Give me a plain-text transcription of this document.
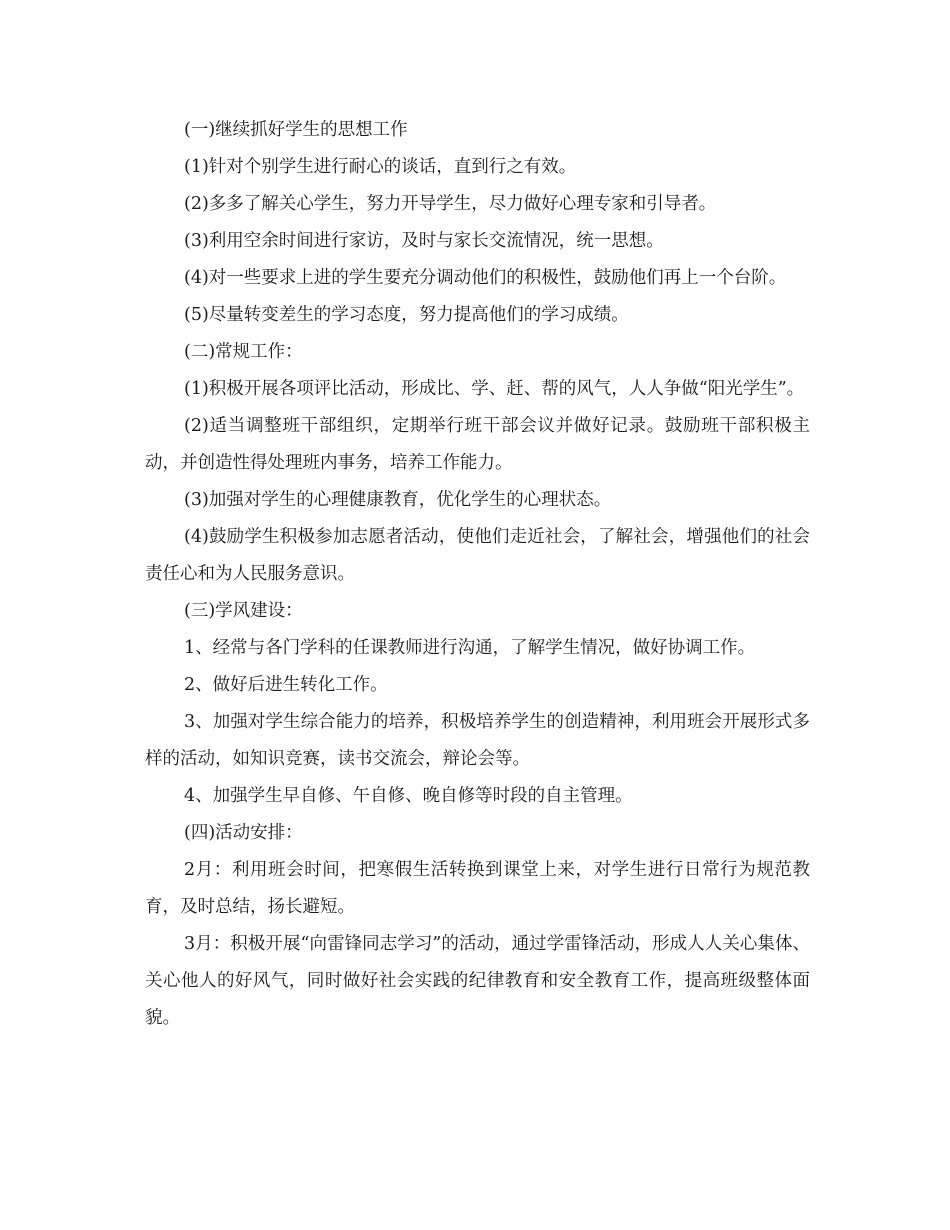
(一)继续抓好学生的思想工作

(1)针对个别学生进行耐心的谈话，直到行之有效。

(2)多多了解关心学生，努力开导学生，尽力做好心理专家和引导者。

(3)利用空余时间进行家访，及时与家长交流情况，统一思想。

(4)对一些要求上进的学生要充分调动他们的积极性，鼓励他们再上一个台阶。

(5)尽量转变差生的学习态度，努力提高他们的学习成绩。

(二)常规工作：

(1)积极开展各项评比活动，形成比、学、赶、帮的风气，人人争做“阳光学生”。

(2)适当调整班干部组织，定期举行班干部会议并做好记录。鼓励班干部积极主动，并创造性得处理班内事务，培养工作能力。

(3)加强对学生的心理健康教育，优化学生的心理状态。

(4)鼓励学生积极参加志愿者活动，使他们走近社会，了解社会，增强他们的社会责任心和为人民服务意识。

(三)学风建设：

1、经常与各门学科的任课教师进行沟通，了解学生情况，做好协调工作。

2、做好后进生转化工作。

3、加强对学生综合能力的培养，积极培养学生的创造精神，利用班会开展形式多样的活动，如知识竞赛，读书交流会，辩论会等。

4、加强学生早自修、午自修、晚自修等时段的自主管理。

(四)活动安排：

2月：利用班会时间，把寒假生活转换到课堂上来，对学生进行日常行为规范教育，及时总结，扬长避短。

3月：积极开展“向雷锋同志学习”的活动，通过学雷锋活动，形成人人关心集体、关心他人的好风气，同时做好社会实践的纪律教育和安全教育工作，提高班级整体面貌。
